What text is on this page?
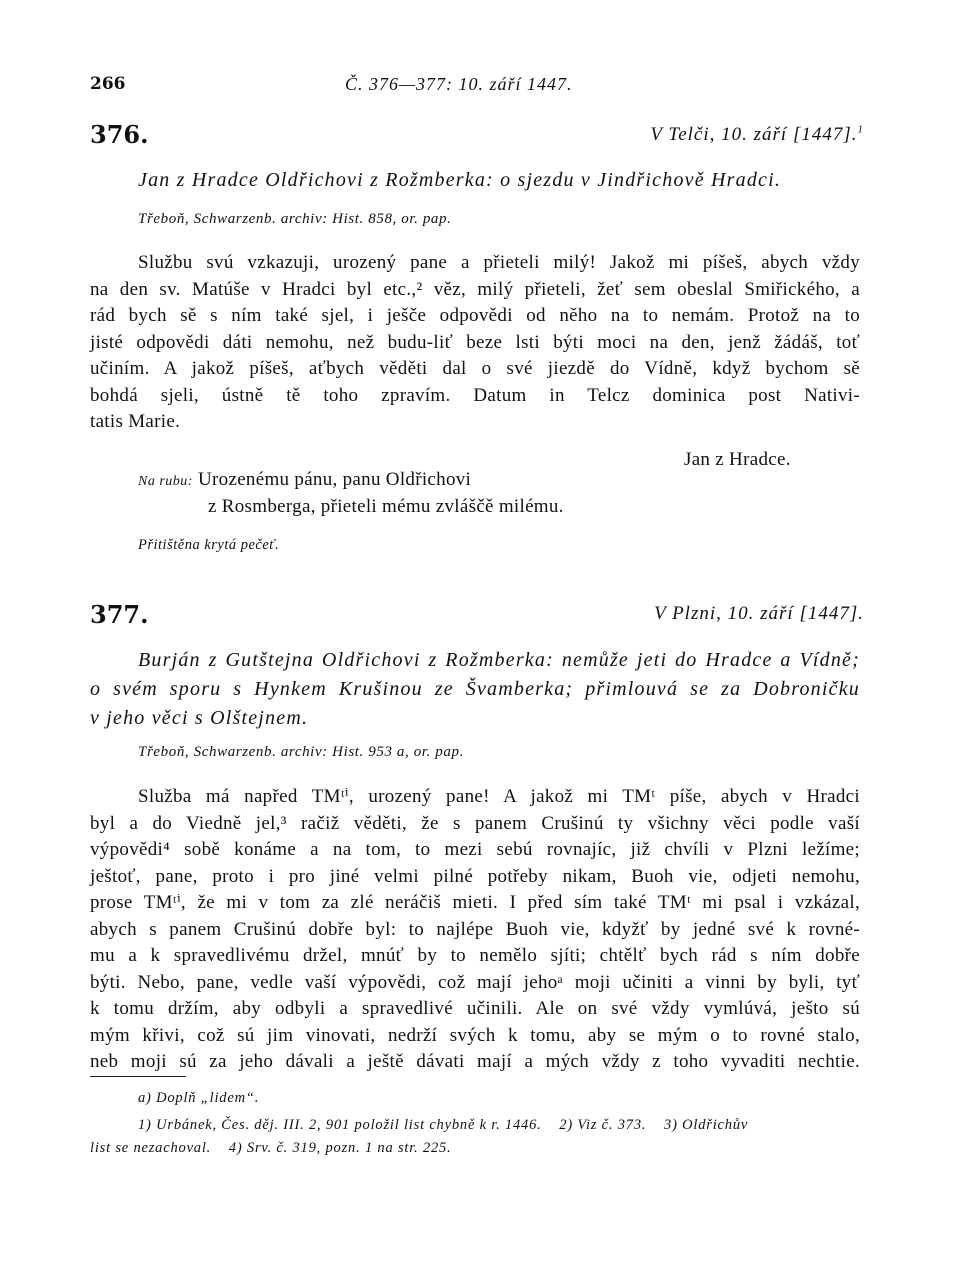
266	Č. 376—377: 10. září 1447.
376.	V Telči, 10. září [1447].$^1$
Jan z Hradce Oldřichovi z Rožmberka: o sjezdu v Jindřichově Hradci.
Třeboň, Schwarzenb. archiv: Hist. 858, or. pap.
Službu svú vzkazuji, urozený pane a přieteli milý! Jakož mi píšeš, abych vždy
na den sv. Matúše v Hradci byl etc.,² věz, milý přieteli, žeť sem obeslal Smiřického, a
rád bych sě s ním také sjel, i ješče odpovědi od něho na to nemám. Protož na to
jisté odpovědi dáti nemohu, než budu-liť beze lsti býti moci na den, jenž žádáš, toť
učiním. A jakož píšeš, aťbych věděti dal o své jiezdě do Vídně, když bychom sě
bohdá sjeli, ústně tě toho zpravím. Datum in Telcz dominica post Nativi-
tatis Marie.
Jan z Hradce.
Na rubu: Urozenému pánu, panu Oldřichovi
z Rosmberga, přieteli mému zvláščě milému.
Přitištěna krytá pečeť.
377.	V Plzni, 10. září [1447].
Burján z Gutštejna Oldřichovi z Rožmberka: nemůže jeti do Hradce a Vídně;
o svém sporu s Hynkem Krušinou ze Švamberka; přimlouvá se za Dobroničku
v jeho věci s Olštejnem.
Třeboň, Schwarzenb. archiv: Hist. 953 a, or. pap.
Služba má napřed TMᵗⁱ, urozený pane! A jakož mi TMᵗ píše, abych v Hradci
byl a do Viedně jel,³ račiž věděti, že s panem Crušinú ty všichny věci podle vaší
výpovědi⁴ sobě konáme a na tom, to mezi sebú rovnajíc, již chvíli v Plzni ležíme;
ještoť, pane, proto i pro jiné velmi pilné potřeby nikam, Buoh vie, odjeti nemohu,
prose TMᵗⁱ, že mi v tom za zlé neráčiš mieti. I před sím také TMᵗ mi psal i vzkázal,
abych s panem Crušinú dobře byl: to najlépe Buoh vie, kdyžť by jedné své k rovné-
mu a k spravedlivému držel, mnúť by to nemělo sjíti; chtělť bych rád s ním dobře
býti. Nebo, pane, vedle vaší výpovědi, což mají jehoᵃ moji učiniti a vinni by byli, tyť
k tomu držím, aby odbyli a spravedlivé učinili. Ale on své vždy vymlúvá, ješto sú
mým křivi, což sú jim vinovati, nedrží svých k tomu, aby se mým o to rovné stalo,
neb moji sú za jeho dávali a ještě dávati mají a mých vždy z toho vyvaditi nechtie.
a) Doplň „lidem“.
1) Urbánek, Čes. děj. III. 2, 901 položil list chybně k r. 1446.    2) Viz č. 373.    3) Oldřichův
list se nezachoval.    4) Srv. č. 319, pozn. 1 na str. 225.
